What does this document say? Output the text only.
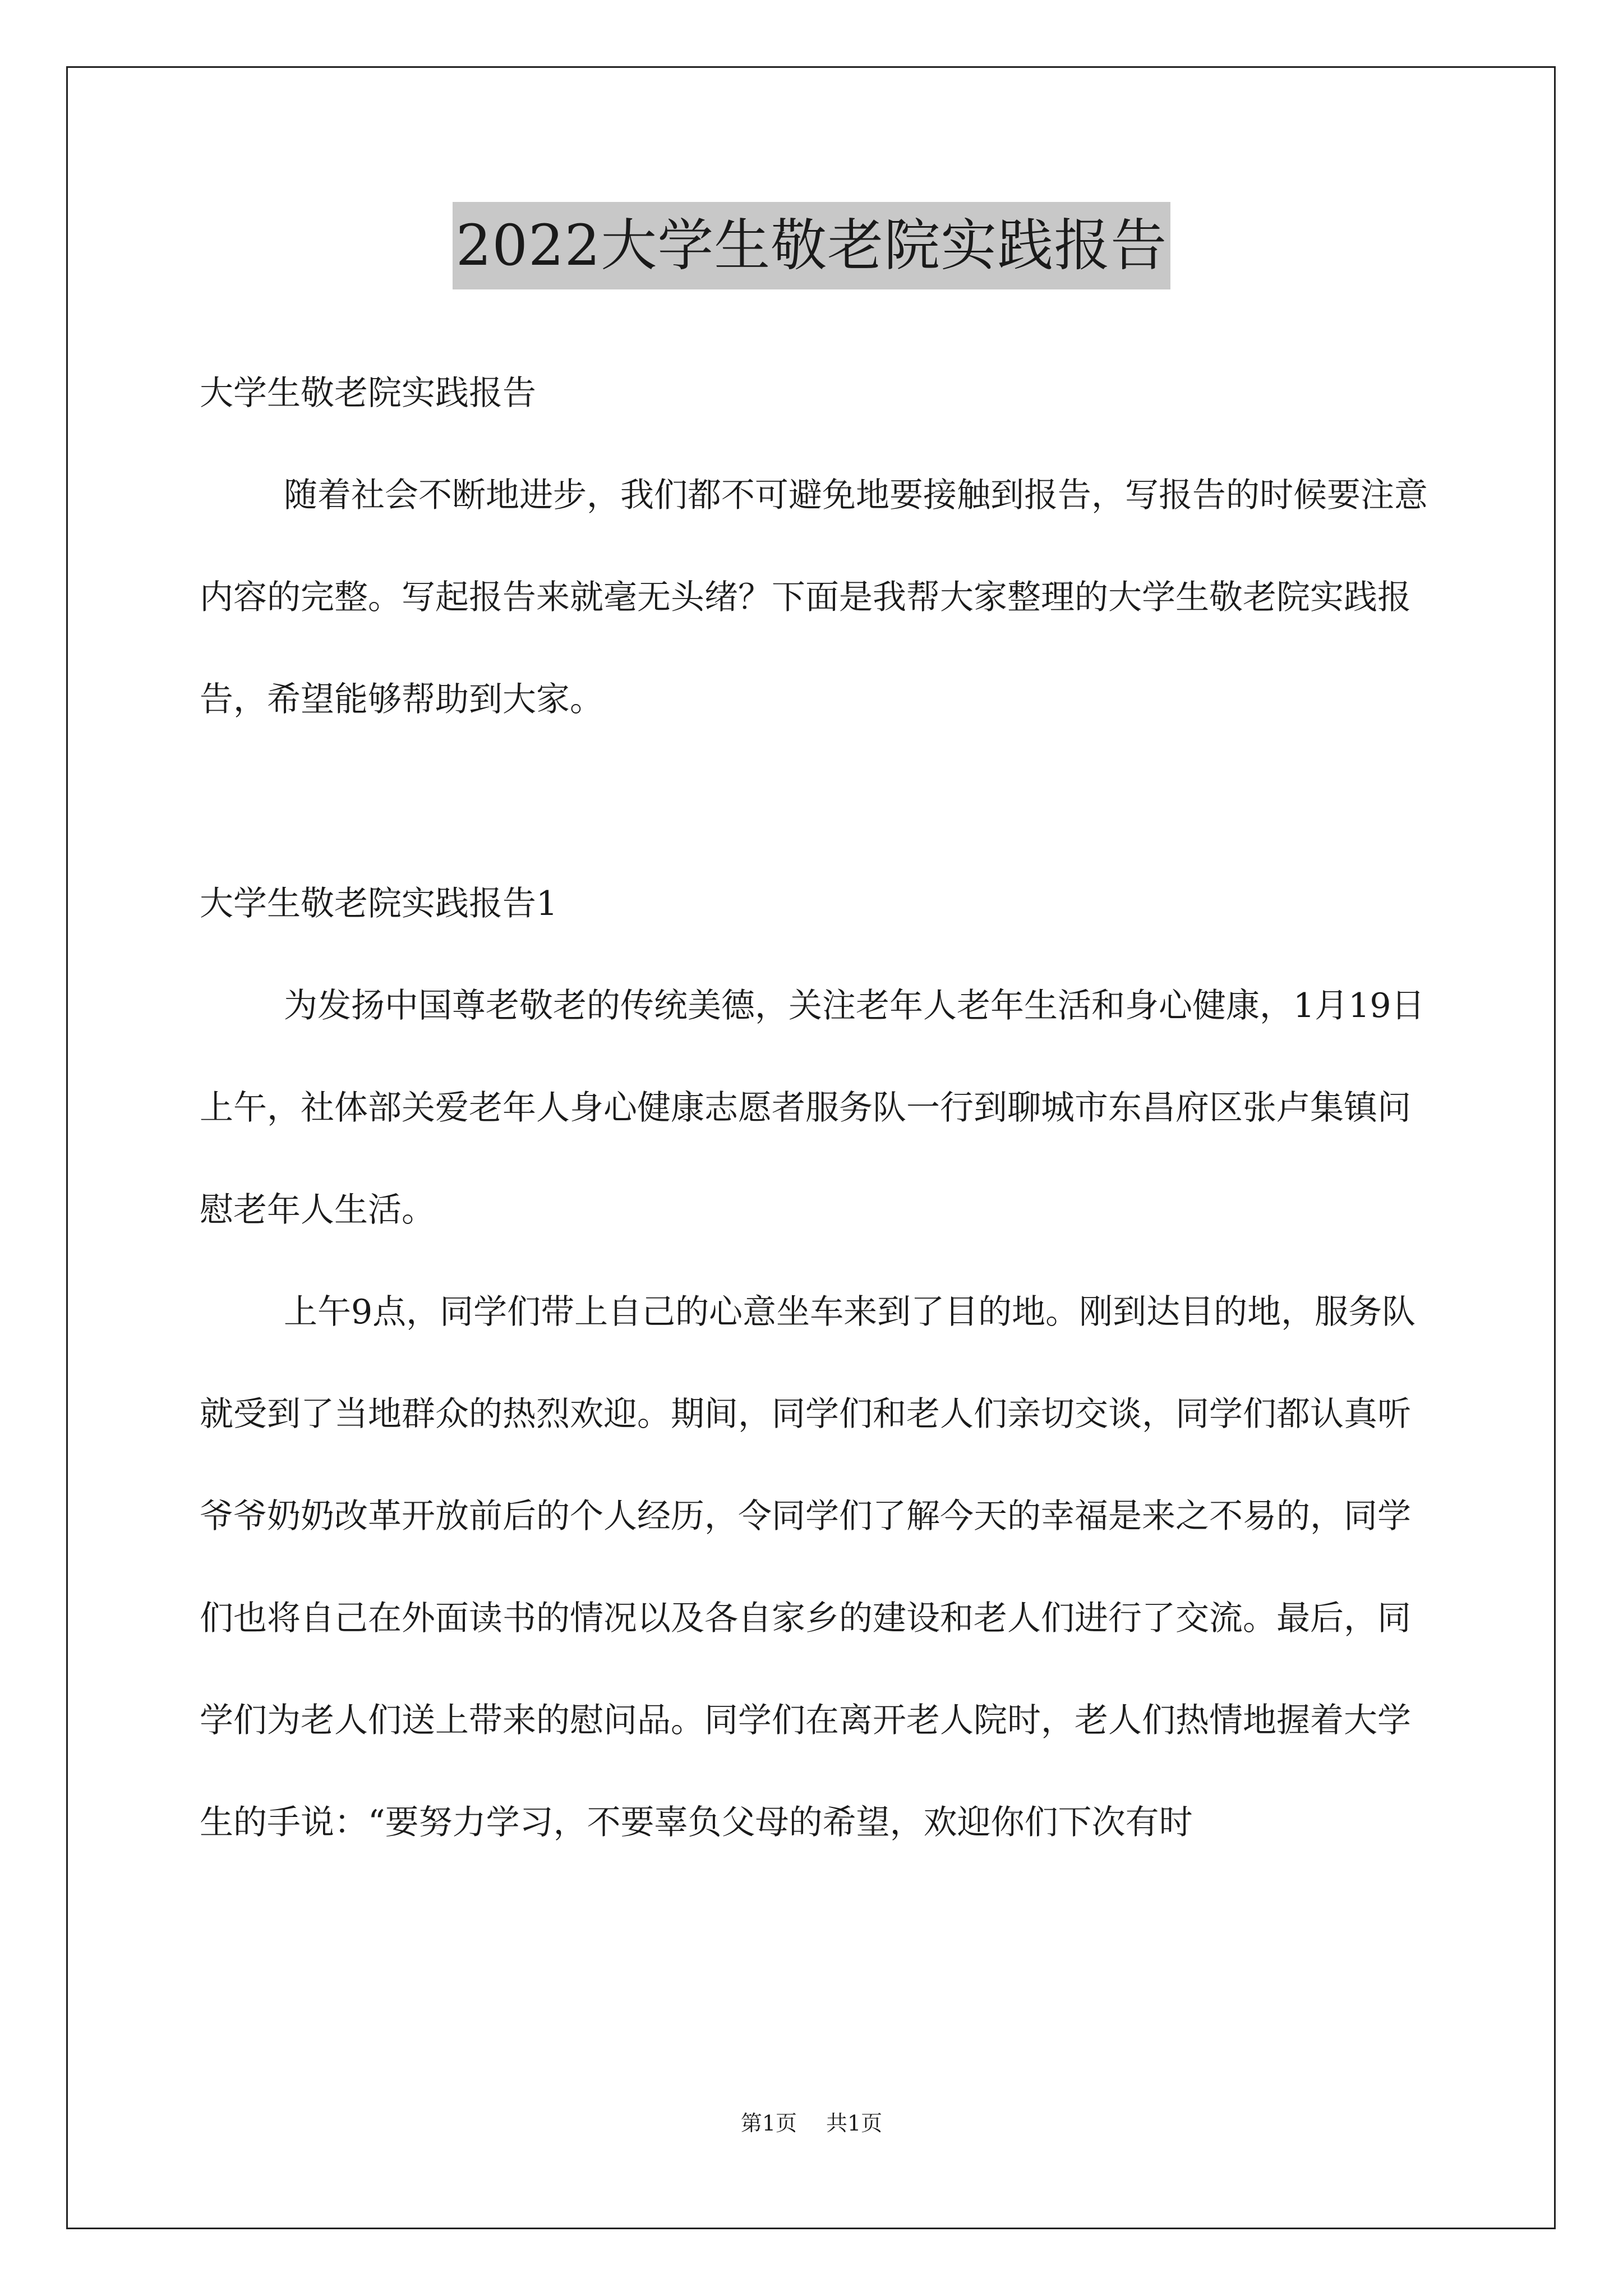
2022大学生敬老院实践报告

大学生敬老院实践报告

随着社会不断地进步，我们都不可避免地要接触到报告，写报告的时候要注意内容的完整。写起报告来就毫无头绪？下面是我帮大家整理的大学生敬老院实践报告，希望能够帮助到大家。

大学生敬老院实践报告1

为发扬中国尊老敬老的传统美德，关注老年人老年生活和身心健康，1月19日上午，社体部关爱老年人身心健康志愿者服务队一行到聊城市东昌府区张卢集镇问慰老年人生活。

上午9点，同学们带上自己的心意坐车来到了目的地。刚到达目的地，服务队就受到了当地群众的热烈欢迎。期间，同学们和老人们亲切交谈，同学们都认真听爷爷奶奶改革开放前后的个人经历，令同学们了解今天的幸福是来之不易的，同学们也将自己在外面读书的情况以及各自家乡的建设和老人们进行了交流。最后，同学们为老人们送上带来的慰问品。同学们在离开老人院时，老人们热情地握着大学生的手说：“要努力学习，不要辜负父母的希望，欢迎你们下次有时

第1页 共1页
